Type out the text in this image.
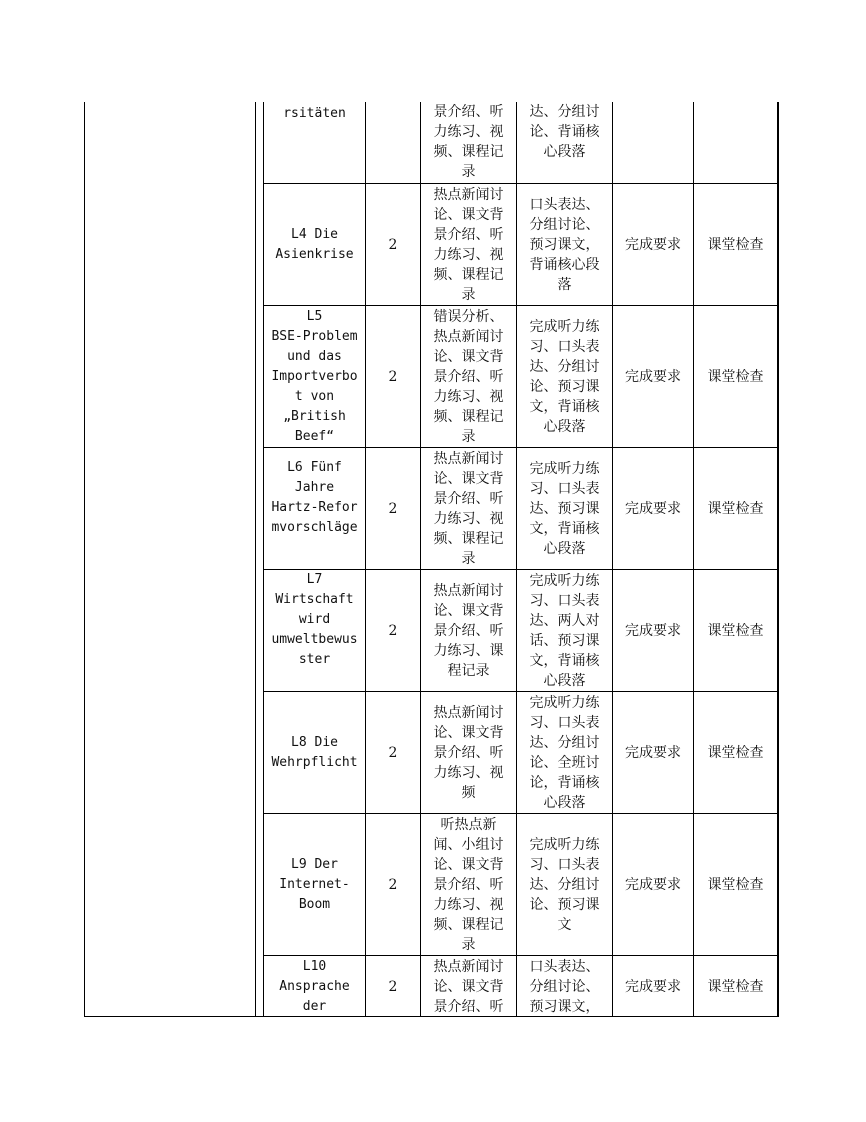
rsitäten	景介绍、听
力练习、视
频、课程记
录
达、分组讨
论、背诵核
心段落
L4 Die
Asienkrise
2
热点新闻讨
论、课文背
景介绍、听
力练习、视
频、课程记
录
口头表达、
分组讨论、
预习课文，
背诵核心段
落
完成要求 课堂检查
L5
BSE-Problem
und das
Importverbo
t von
„British
Beef“
2
错误分析、
热点新闻讨
论、课文背
景介绍、听
力练习、视
频、课程记
录
完成听力练
习、口头表
达、分组讨
论、预习课
文，背诵核
心段落
完成要求 课堂检查
L6 Fünf
Jahre
Hartz-Refor
mvorschläge
2
热点新闻讨
论、课文背
景介绍、听
力练习、视
频、课程记
录
完成听力练
习、口头表
达、预习课
文，背诵核
心段落
完成要求 课堂检查
L7
Wirtschaft
wird
umweltbewus
ster
2
热点新闻讨
论、课文背
景介绍、听
力练习、课
程记录
完成听力练
习、口头表
达、两人对
话、预习课
文，背诵核
心段落
完成要求 课堂检查
L8 Die
Wehrpflicht
2
热点新闻讨
论、课文背
景介绍、听
力练习、视
频
完成听力练
习、口头表
达、分组讨
论、全班讨
论，背诵核
心段落
完成要求 课堂检查
L9 Der
Internet-
Boom
2
听热点新
闻、小组讨
论、课文背
景介绍、听
力练习、视
频、课程记
录
完成听力练
习、口头表
达、分组讨
论、预习课
文
完成要求 课堂检查
L10
Ansprache
der
2
热点新闻讨
论、课文背
景介绍、听
口头表达、
分组讨论、
预习课文，
完成要求 课堂检查
